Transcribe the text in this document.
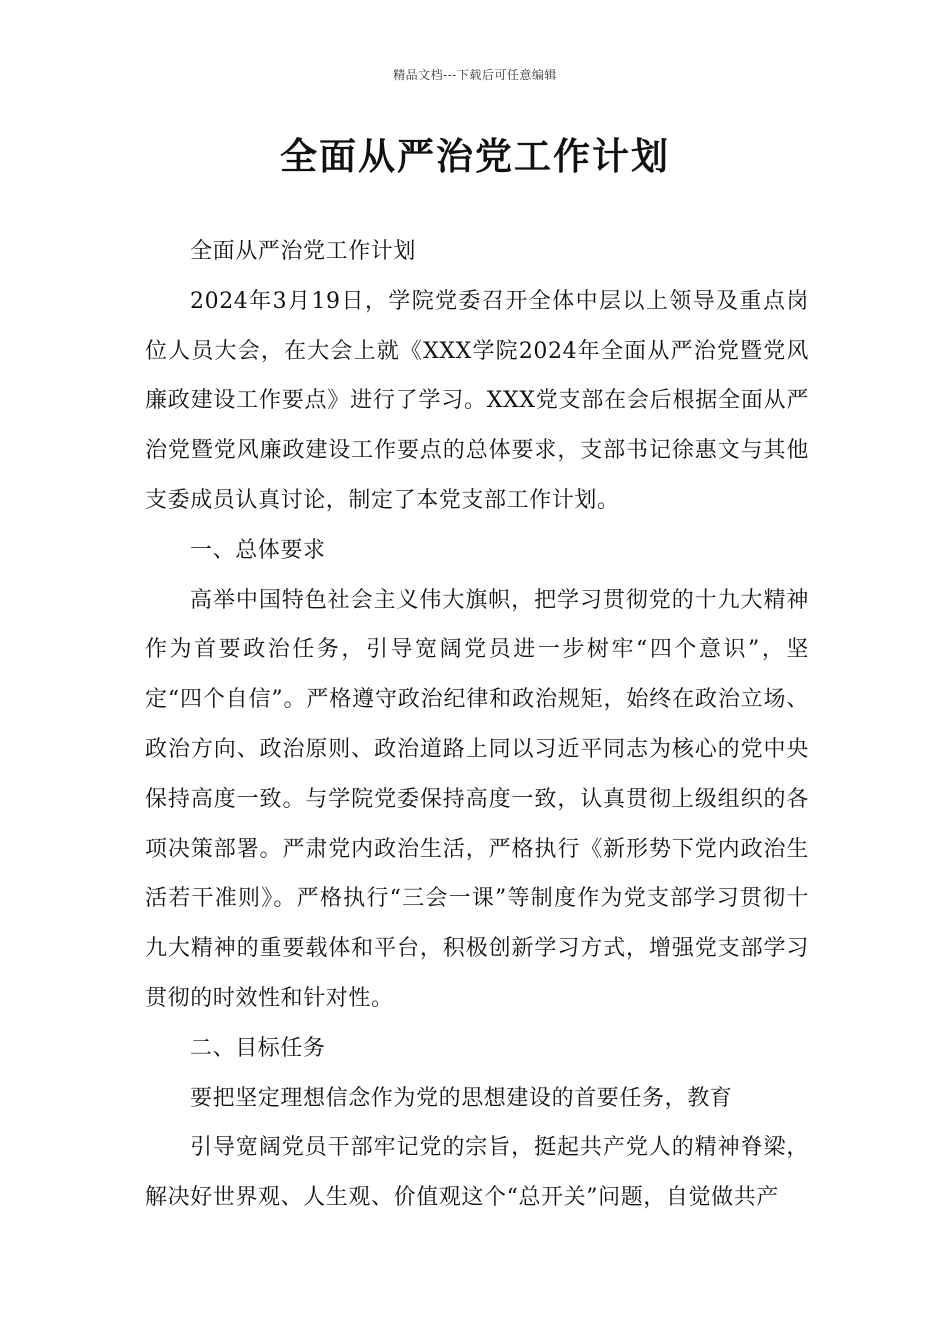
精品文档---下载后可任意编辑
全面从严治党工作计划

全面从严治党工作计划

2024年3月19日，学院党委召开全体中层以上领导及重点岗位人员大会，在大会上就《XXX学院2024年全面从严治党暨党风廉政建设工作要点》进行了学习。XXX党支部在会后根据全面从严治党暨党风廉政建设工作要点的总体要求，支部书记徐惠文与其他支委成员认真讨论，制定了本党支部工作计划。

一、总体要求

高举中国特色社会主义伟大旗帜，把学习贯彻党的十九大精神作为首要政治任务，引导宽阔党员进一步树牢“四个意识”，坚定“四个自信”。严格遵守政治纪律和政治规矩，始终在政治立场、政治方向、政治原则、政治道路上同以习近平同志为核心的党中央保持高度一致。与学院党委保持高度一致，认真贯彻上级组织的各项决策部署。严肃党内政治生活，严格执行《新形势下党内政治生活若干准则》。严格执行“三会一课”等制度作为党支部学习贯彻十九大精神的重要载体和平台，积极创新学习方式，增强党支部学习贯彻的时效性和针对性。

二、目标任务

要把坚定理想信念作为党的思想建设的首要任务，教育

引导宽阔党员干部牢记党的宗旨，挺起共产党人的精神脊梁，解决好世界观、人生观、价值观这个“总开关”问题，自觉做共产
